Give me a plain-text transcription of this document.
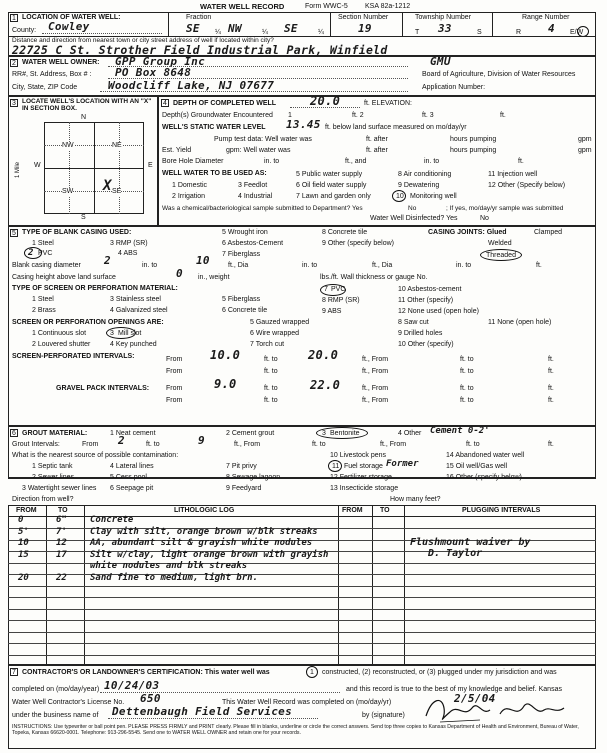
WATER WELL RECORD	Form WWC-5 KSA 82a-1212
1 LOCATION OF WATER WELL:
County: Cowley
Fraction
SE ¼ NW	¼ SE	¼
Section Number
19
Township Number
T 33	S
Range Number
R 4 E/W
Distance and direction from nearest town or city street address of well if located within city?
22725 C St. Strother Field Industrial Park, Winfield
2 WATER WELL OWNER: GPP Group Inc	GMU
RR#, St. Address, Box # : PO Box 8648	Board of Agriculture, Division of Water Resources
City, State, ZIP Code	Woodcliff Lake, NJ 07677	Application Number:
3 LOCATE WELL'S LOCATION WITH AN "X" IN SECTION BOX.
N
S
W	E
1 Mile
NW	NE
SW	SE
X
4 DEPTH OF COMPLETED WELL	20.0	ft. ELEVATION:
Depth(s) Groundwater Encountered 1	ft. 2	ft. 3	ft.
WELL'S STATIC WATER LEVEL 13.45 ft. below land surface measured on mo/day/yr
Pump test data: Well water was	ft. after	hours pumping	gpm
Est. Yield	gpm: Well water was	ft. after	hours pumping	gpm
Bore Hole Diameter	in. to	ft., and	in. to	ft.
WELL WATER TO BE USED AS:
1 Domestic	3 Feedlot
5 Public water supply	8 Air conditioning	11 Injection well
6 Oil field water supply	9 Dewatering	12 Other (Specify below)
2 Irrigation	4 Industrial	7 Lawn and garden only	10 Monitoring well
Was a chemical/bacteriological sample submitted to Department? Yes	No	; If yes, mo/day/yr sample was submitted
Water Well Disinfected? Yes	No
5 TYPE OF BLANK CASING USED:
1 Steel	3 RMP (SR)
5 Wrought iron	8 Concrete tile	CASING JOINTS: Glued	Clamped
2 PVC	4 ABS
6 Asbestos-Cement	9 Other (specify below)	Welded
7 Fiberglass	Threaded
Blank casing diameter 2	in. to	10	ft., Dia	in. to	ft., Dia	in. to	ft.
Casing height above land surface	0 in., weight	lbs./ft. Wall thickness or gauge No.
TYPE OF SCREEN OR PERFORATION MATERIAL:
1 Steel	3 Stainless steel	5 Fiberglass
7 PVC	10 Asbestos-cement
2 Brass	4 Galvanized steel	6 Concrete tile
8 RMP (SR)
9 ABS
11 Other (specify)
12 None used (open hole)
SCREEN OR PERFORATION OPENINGS ARE:
1 Continuous slot	3 Mill slot
5 Gauzed wrapped	8 Saw cut	11 None (open hole)
2 Louvered shutter	4 Key punched
6 Wire wrapped
7 Torch cut
9 Drilled holes
10 Other (specify)
SCREEN-PERFORATED INTERVALS:	From 10.0	ft. to	20.0	ft., From	ft. to	ft.
From	ft. to	ft., From	ft. to	ft.
GRAVEL PACK INTERVALS: From	9.0	ft. to	22.0	ft., From	ft. to	ft.
From	ft. to	ft., From	ft. to	ft.
6 GROUT MATERIAL:	1 Neat cement	2 Cement grout	3 Bentonite	4 Other Cement 0-2'
Grout Intervals:	From 2	ft. to	9	ft., From	ft. to	ft., From	ft. to	ft.
What is the nearest source of possible contamination:
1 Septic tank	4 Lateral lines	7 Pit privy
10 Livestock pens	14 Abandoned water well
11 Fuel storage Former	15 Oil well/Gas well
2 Sewer lines	5 Cess pool	8 Sewage lagoon	12 Fertilizer storage	16 Other (specify below)
3 Watertight sewer lines 6 Seepage pit	9 Feedyard	13 Insecticide storage
Direction from well?	How many feet?
FROM	TO	LITHOLOGIC LOG	FROM TO	PLUGGING INTERVALS
0	6"	Concrete
5'	7'	Clay with silt, orange brown w/blk streaks
10	12	AA, abundant silt & grayish white nodules
15	17	Silt w/clay, light orange brown with grayish
white nodules and blk streaks
20	22	Sand fine to medium, light brn.
Flushmount waiver by
D. Taylor
7 CONTRACTOR'S OR LANDOWNER'S CERTIFICATION: This water well was	1 constructed, (2) reconstructed, or (3) plugged under my jurisdiction and was
completed on (mo/day/year) 10/24/03	and this record is true to the best of my knowledge and belief. Kansas
Water Well Contractor's License No. 650	This Water Well Record was completed on (mo/day/yr)	2/5/04
under the business name of Dettenbaugh Field Services	by (signature)
INSTRUCTIONS: Use typewriter or ball point pen. PLEASE PRESS FIRMLY and PRINT clearly. Please fill in blanks, underline or circle the correct answers. Send top three copies to Kansas Department of Health and Environment, Bureau of Water, Topeka, Kansas 66620-0001. Telephone: 913-296-5545. Send one to WATER WELL OWNER and retain one for your records.
